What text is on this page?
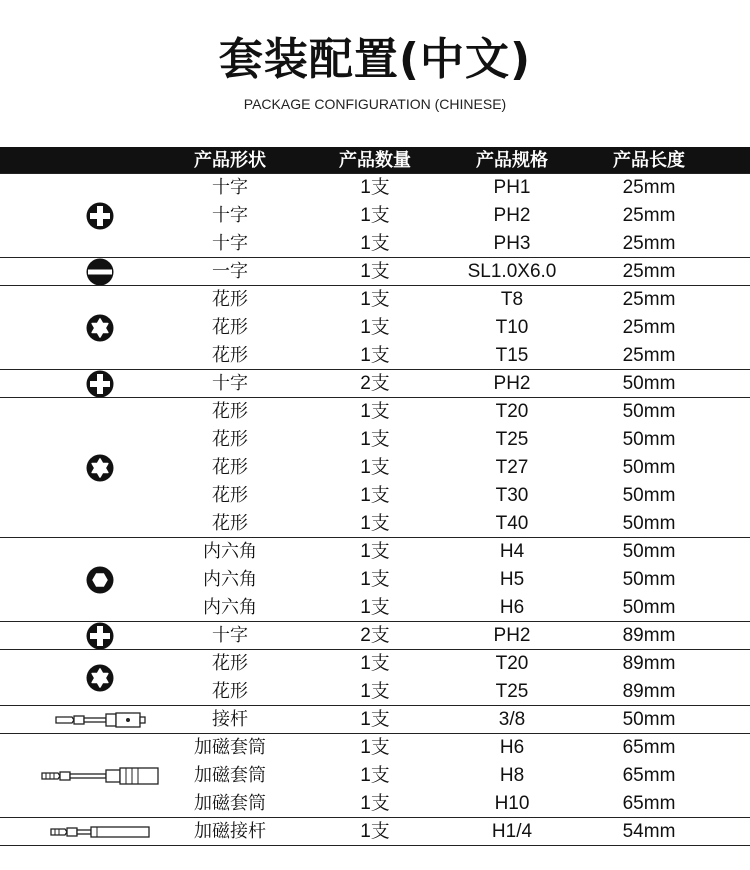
套装配置(中文)
PACKAGE CONFIGURATION (CHINESE)
产品形状	产品数量	产品规格	产品长度
十字	1支	PH1	25mm
十字	1支	PH2	25mm
十字	1支	PH3	25mm
一字	1支	SL1.0X6.0	25mm
花形	1支	T8	25mm
花形	1支	T10	25mm
花形	1支	T15	25mm
十字	2支	PH2	50mm
花形	1支	T20	50mm
花形	1支	T25	50mm
花形	1支	T27	50mm
花形	1支	T30	50mm
花形	1支	T40	50mm
内六角	1支	H4	50mm
内六角	1支	H5	50mm
内六角	1支	H6	50mm
十字	2支	PH2	89mm
花形	1支	T20	89mm
花形	1支	T25	89mm
接杆	1支	3/8	50mm
加磁套筒	1支	H6	65mm
加磁套筒	1支	H8	65mm
加磁套筒	1支	H10	65mm
加磁接杆	1支	H1/4	54mm
